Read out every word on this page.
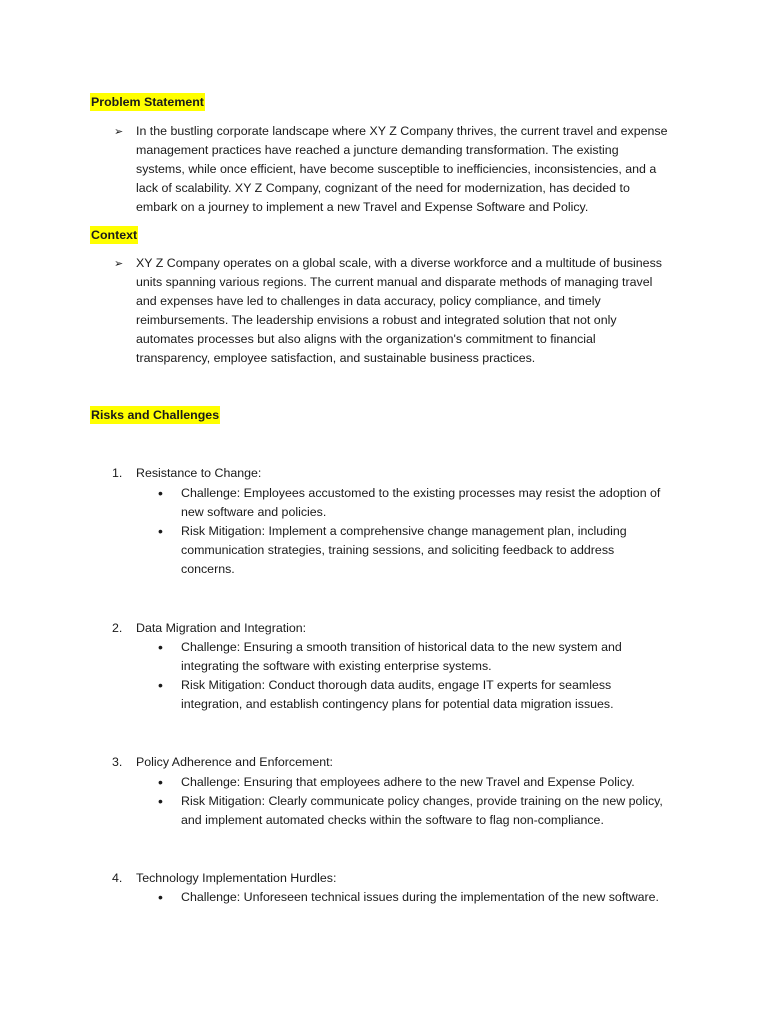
Problem Statement
➢ In the bustling corporate landscape where XY Z Company thrives, the current travel and expense
management practices have reached a juncture demanding transformation. The existing
systems, while once efficient, have become susceptible to inefficiencies, inconsistencies, and a
lack of scalability. XY Z Company, cognizant of the need for modernization, has decided to
embark on a journey to implement a new Travel and Expense Software and Policy.
Context
➢ XY Z Company operates on a global scale, with a diverse workforce and a multitude of business
units spanning various regions. The current manual and disparate methods of managing travel
and expenses have led to challenges in data accuracy, policy compliance, and timely
reimbursements. The leadership envisions a robust and integrated solution that not only
automates processes but also aligns with the organization's commitment to financial
transparency, employee satisfaction, and sustainable business practices.
Risks and Challenges
1. Resistance to Change:
• Challenge: Employees accustomed to the existing processes may resist the adoption of
new software and policies.
• Risk Mitigation: Implement a comprehensive change management plan, including
communication strategies, training sessions, and soliciting feedback to address
concerns.
2. Data Migration and Integration:
• Challenge: Ensuring a smooth transition of historical data to the new system and
integrating the software with existing enterprise systems.
• Risk Mitigation: Conduct thorough data audits, engage IT experts for seamless
integration, and establish contingency plans for potential data migration issues.
3. Policy Adherence and Enforcement:
• Challenge: Ensuring that employees adhere to the new Travel and Expense Policy.
• Risk Mitigation: Clearly communicate policy changes, provide training on the new policy,
and implement automated checks within the software to flag non-compliance.
4. Technology Implementation Hurdles:
• Challenge: Unforeseen technical issues during the implementation of the new software.
